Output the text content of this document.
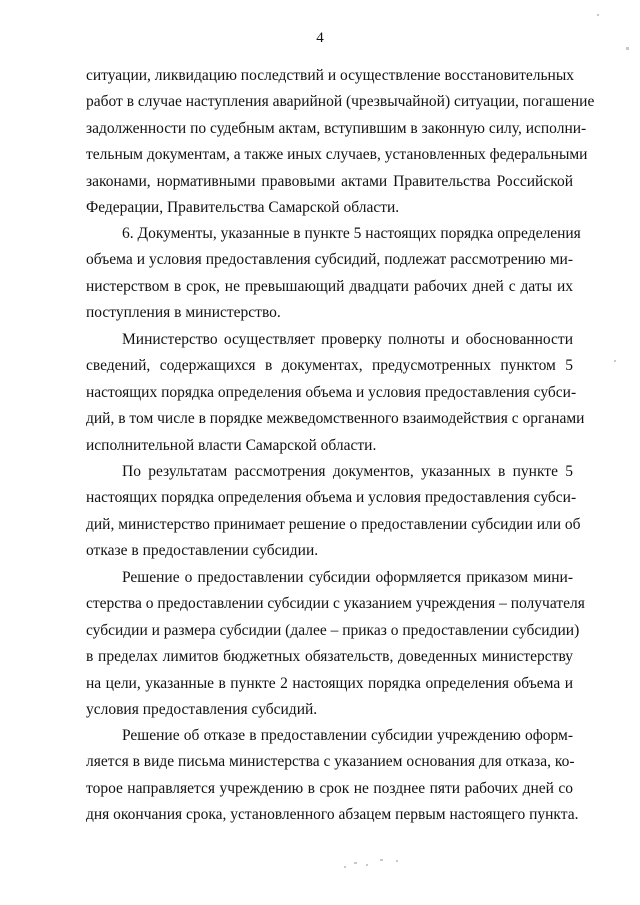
4
ситуации, ликвидацию последствий и осуществление восстановительных
работ в случае наступления аварийной (чрезвычайной) ситуации, погашение
задолженности по судебным актам, вступившим в законную силу, исполни-
тельным документам, а также иных случаев, установленных федеральными
законами, нормативными правовыми актами Правительства Российской
Федерации, Правительства Самарской области.
6. Документы, указанные в пункте 5 настоящих порядка определения
объема и условия предоставления субсидий, подлежат рассмотрению ми-
нистерством в срок, не превышающий двадцати рабочих дней с даты их
поступления в министерство.
Министерство осуществляет проверку полноты и обоснованности
сведений, содержащихся в документах, предусмотренных пунктом 5
настоящих порядка определения объема и условия предоставления субси-
дий, в том числе в порядке межведомственного взаимодействия с органами
исполнительной власти Самарской области.
По результатам рассмотрения документов, указанных в пункте 5
настоящих порядка определения объема и условия предоставления субси-
дий, министерство принимает решение о предоставлении субсидии или об
отказе в предоставлении субсидии.
Решение о предоставлении субсидии оформляется приказом мини-
стерства о предоставлении субсидии с указанием учреждения – получателя
субсидии и размера субсидии (далее – приказ о предоставлении субсидии)
в пределах лимитов бюджетных обязательств, доведенных министерству
на цели, указанные в пункте 2 настоящих порядка определения объема и
условия предоставления субсидий.
Решение об отказе в предоставлении субсидии учреждению оформ-
ляется в виде письма министерства с указанием основания для отказа, ко-
торое направляется учреждению в срок не позднее пяти рабочих дней со
дня окончания срока, установленного абзацем первым настоящего пункта.
